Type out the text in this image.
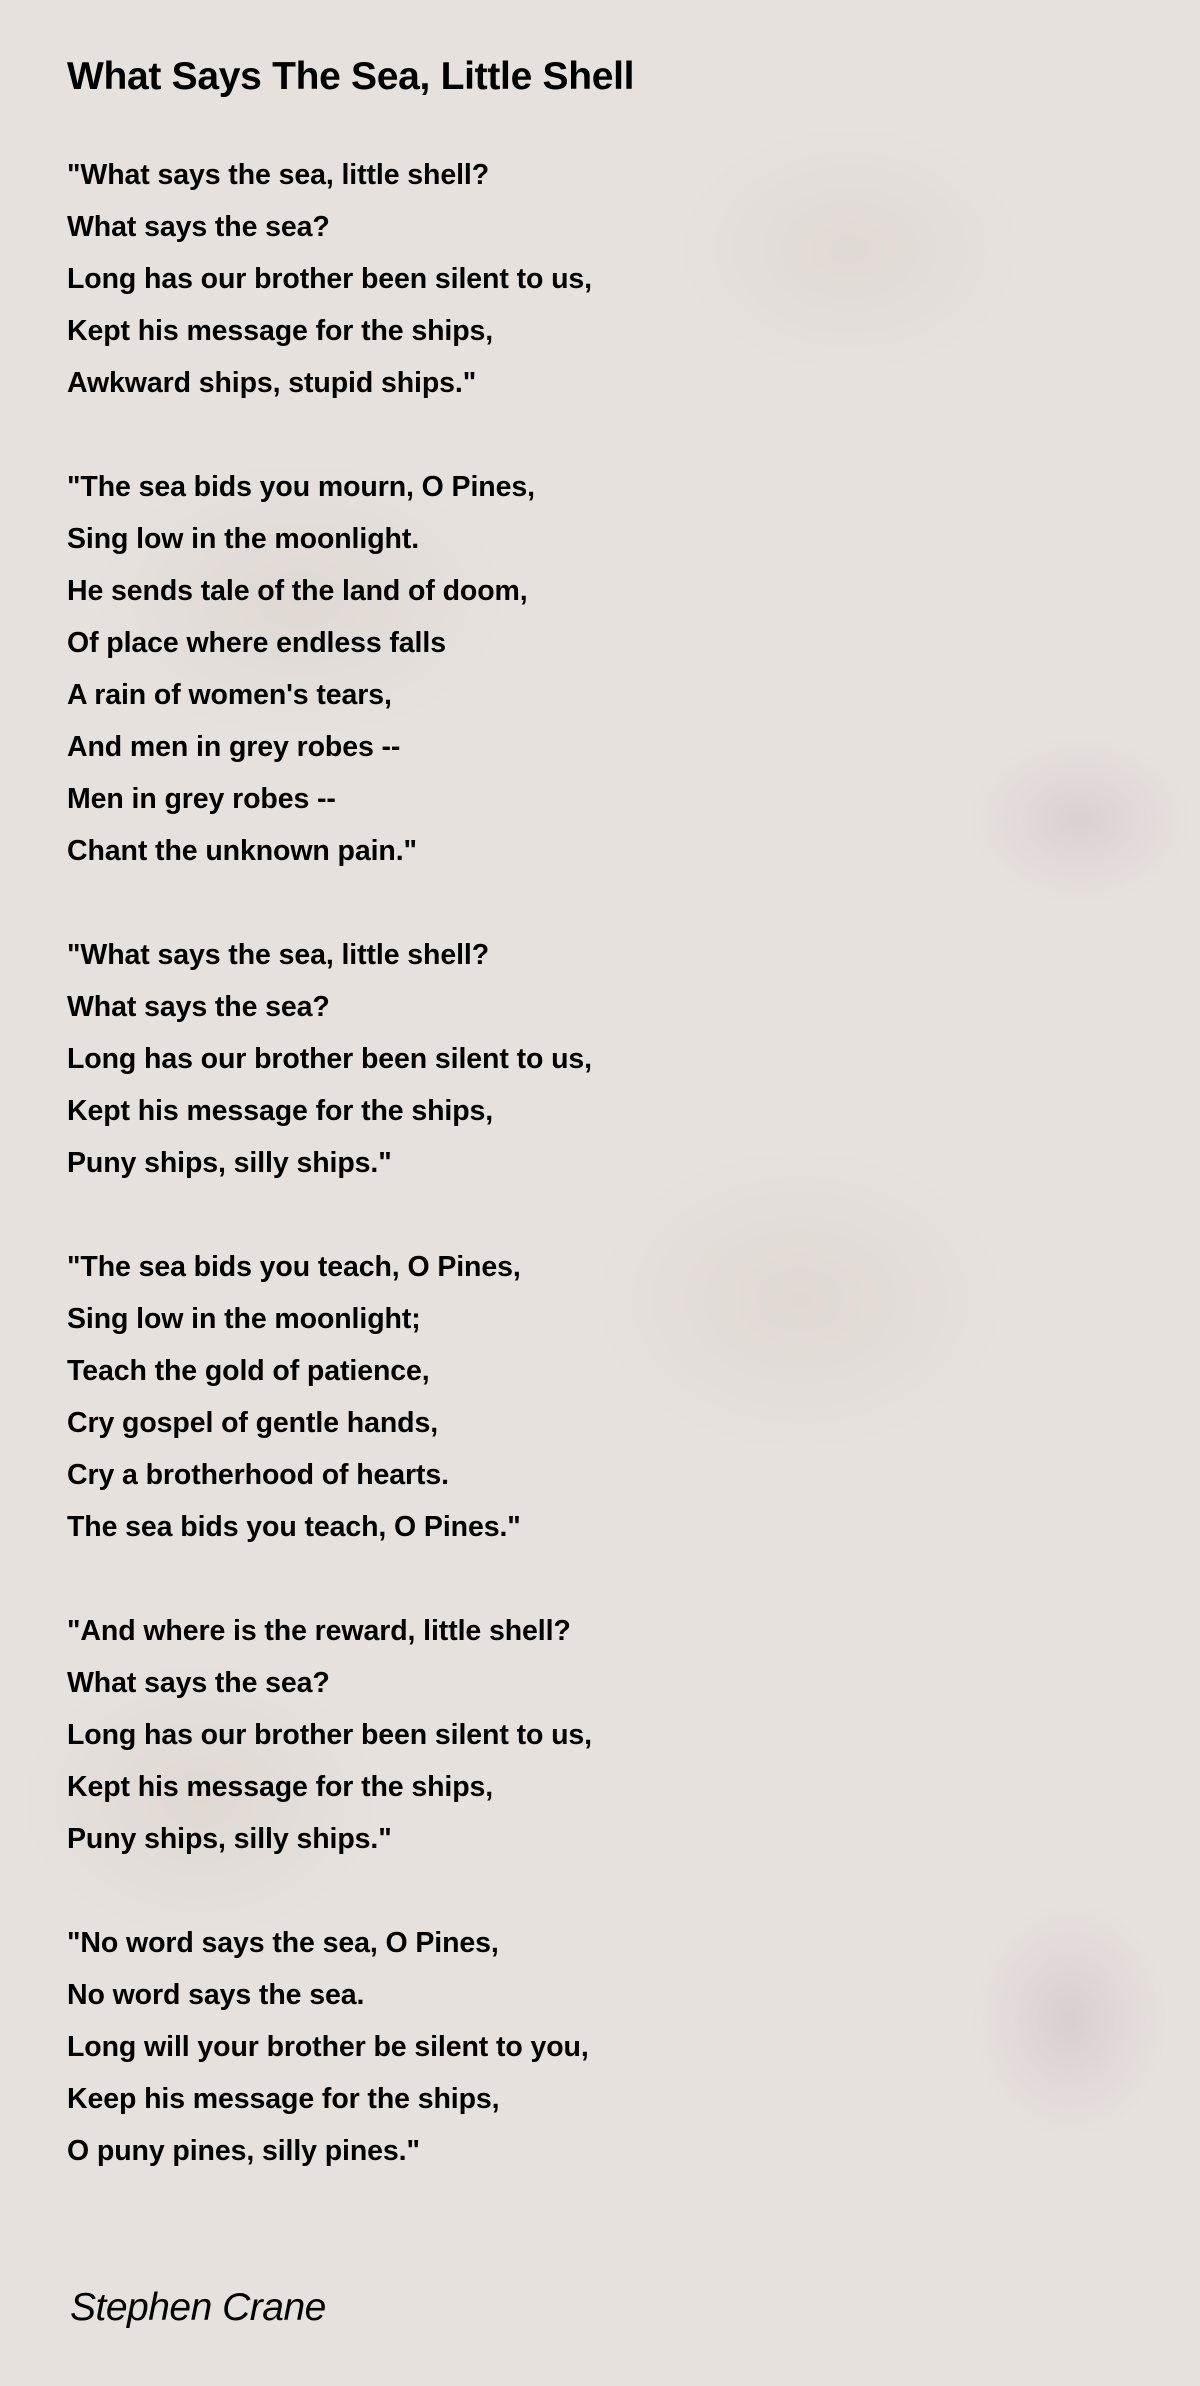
What Says The Sea, Little Shell
"What says the sea, little shell?
What says the sea?
Long has our brother been silent to us,
Kept his message for the ships,
Awkward ships, stupid ships."
"The sea bids you mourn, O Pines,
Sing low in the moonlight.
He sends tale of the land of doom,
Of place where endless falls
A rain of women's tears,
And men in grey robes --
Men in grey robes --
Chant the unknown pain."
"What says the sea, little shell?
What says the sea?
Long has our brother been silent to us,
Kept his message for the ships,
Puny ships, silly ships."
"The sea bids you teach, O Pines,
Sing low in the moonlight;
Teach the gold of patience,
Cry gospel of gentle hands,
Cry a brotherhood of hearts.
The sea bids you teach, O Pines."
"And where is the reward, little shell?
What says the sea?
Long has our brother been silent to us,
Kept his message for the ships,
Puny ships, silly ships."
"No word says the sea, O Pines,
No word says the sea.
Long will your brother be silent to you,
Keep his message for the ships,
O puny pines, silly pines."
Stephen Crane
